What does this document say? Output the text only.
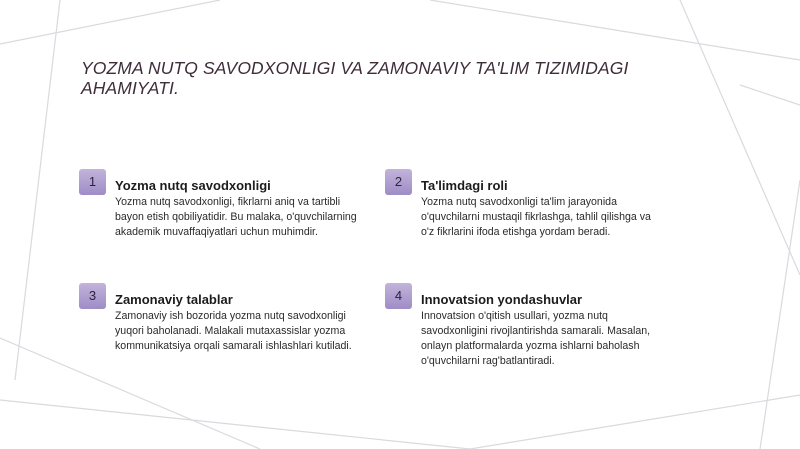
YOZMA NUTQ SAVODXONLIGI VA ZAMONAVIY TA'LIM TIZIMIDAGI AHAMIYATI.
1	Yozma nutq savodxonligi
Yozma nutq savodxonligi, fikrlarni aniq va tartibli bayon etish qobiliyatidir. Bu malaka, o'quvchilarning akademik muvaffaqiyatlari uchun muhimdir.
2	Ta'limdagi roli
Yozma nutq savodxonligi ta'lim jarayonida o'quvchilarni mustaqil fikrlashga, tahlil qilishga va o'z fikrlarini ifoda etishga yordam beradi.
3	Zamonaviy talablar
Zamonaviy ish bozorida yozma nutq savodxonligi yuqori baholanadi. Malakali mutaxassislar yozma kommunikatsiya orqali samarali ishlashlari kutiladi.
4	Innovatsion yondashuvlar
Innovatsion o'qitish usullari, yozma nutq savodxonligini rivojlantirishda samarali. Masalan, onlayn platformalarda yozma ishlarni baholash o'quvchilarni rag'batlantiradi.
